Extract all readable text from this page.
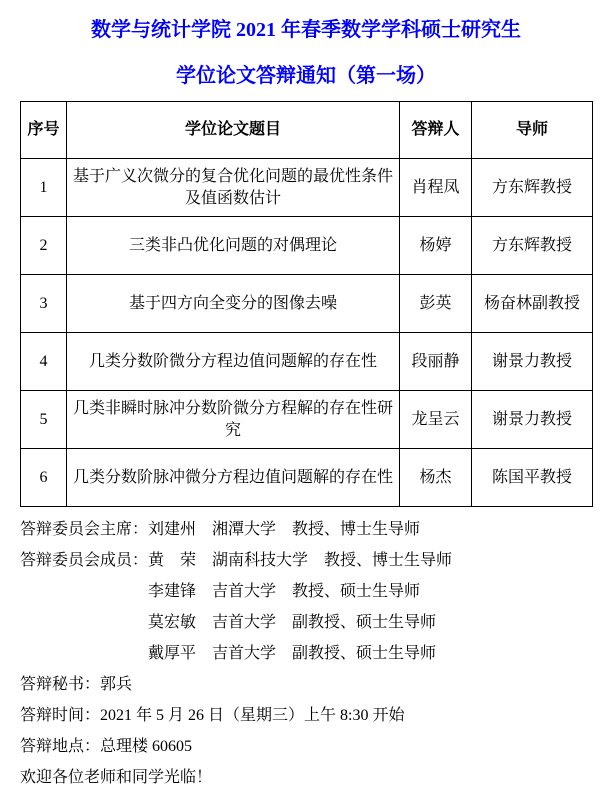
数学与统计学院 2021 年春季数学学科硕士研究生
学位论文答辩通知（第一场）
序号	学位论文题目	答辩人	导师
1	基于广义次微分的复合优化问题的最优性条件及值函数估计	肖程凤	方东辉教授
2	三类非凸优化问题的对偶理论	杨婷	方东辉教授
3	基于四方向全变分的图像去噪	彭英	杨奋林副教授
4	几类分数阶微分方程边值问题解的存在性	段丽静	谢景力教授
5	几类非瞬时脉冲分数阶微分方程解的存在性研究	龙呈云	谢景力教授
6	几类分数阶脉冲微分方程边值问题解的存在性	杨杰	陈国平教授
答辩委员会主席： 刘建州　湘潭大学　教授、博士生导师
答辩委员会成员： 黄　荣　湖南科技大学　教授、博士生导师
李建锋　吉首大学　教授、硕士生导师
莫宏敏　吉首大学　副教授、硕士生导师
戴厚平　吉首大学　副教授、硕士生导师
答辩秘书：郭兵
答辩时间：2021 年 5 月 26 日（星期三）上午 8:30 开始
答辩地点：总理楼 60605
欢迎各位老师和同学光临！
